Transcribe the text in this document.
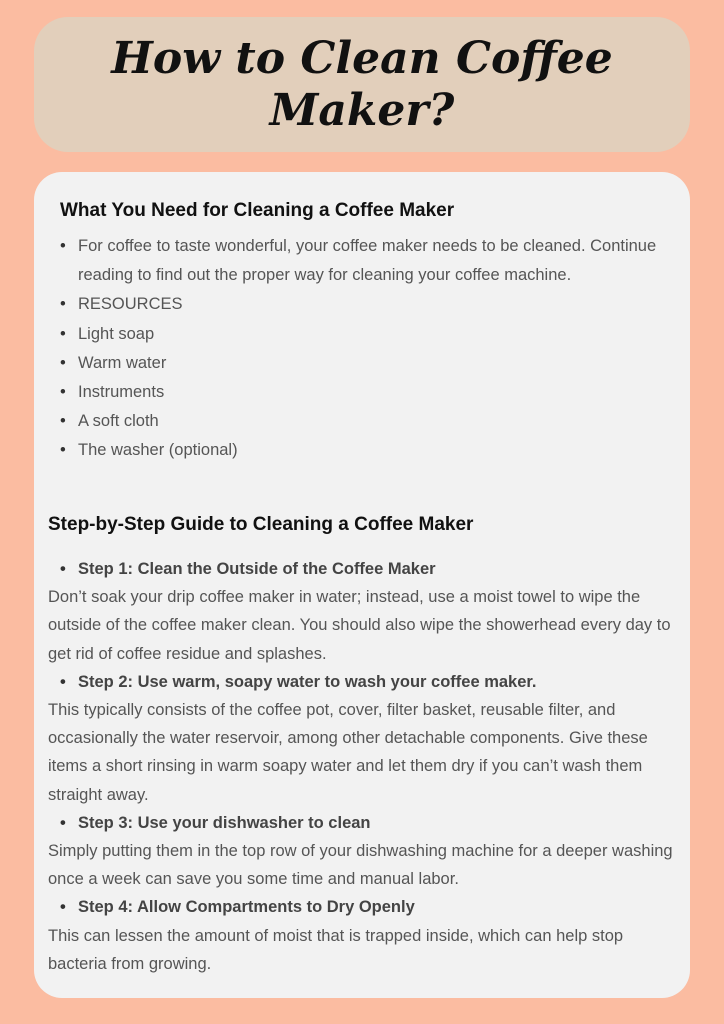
How to Clean Coffee Maker?
What You Need for Cleaning a Coffee Maker
• For coffee to taste wonderful, your coffee maker needs to be cleaned. Continue reading to find out the proper way for cleaning your coffee machine.
• RESOURCES
• Light soap
• Warm water
• Instruments
• A soft cloth
• The washer (optional)
Step-by-Step Guide to Cleaning a Coffee Maker
• Step 1: Clean the Outside of the Coffee Maker
Don’t soak your drip coffee maker in water; instead, use a moist towel to wipe the outside of the coffee maker clean. You should also wipe the showerhead every day to get rid of coffee residue and splashes.
• Step 2: Use warm, soapy water to wash your coffee maker.
This typically consists of the coffee pot, cover, filter basket, reusable filter, and occasionally the water reservoir, among other detachable components. Give these items a short rinsing in warm soapy water and let them dry if you can’t wash them straight away.
• Step 3: Use your dishwasher to clean
Simply putting them in the top row of your dishwashing machine for a deeper washing once a week can save you some time and manual labor.
• Step 4: Allow Compartments to Dry Openly
This can lessen the amount of moist that is trapped inside, which can help stop bacteria from growing.
